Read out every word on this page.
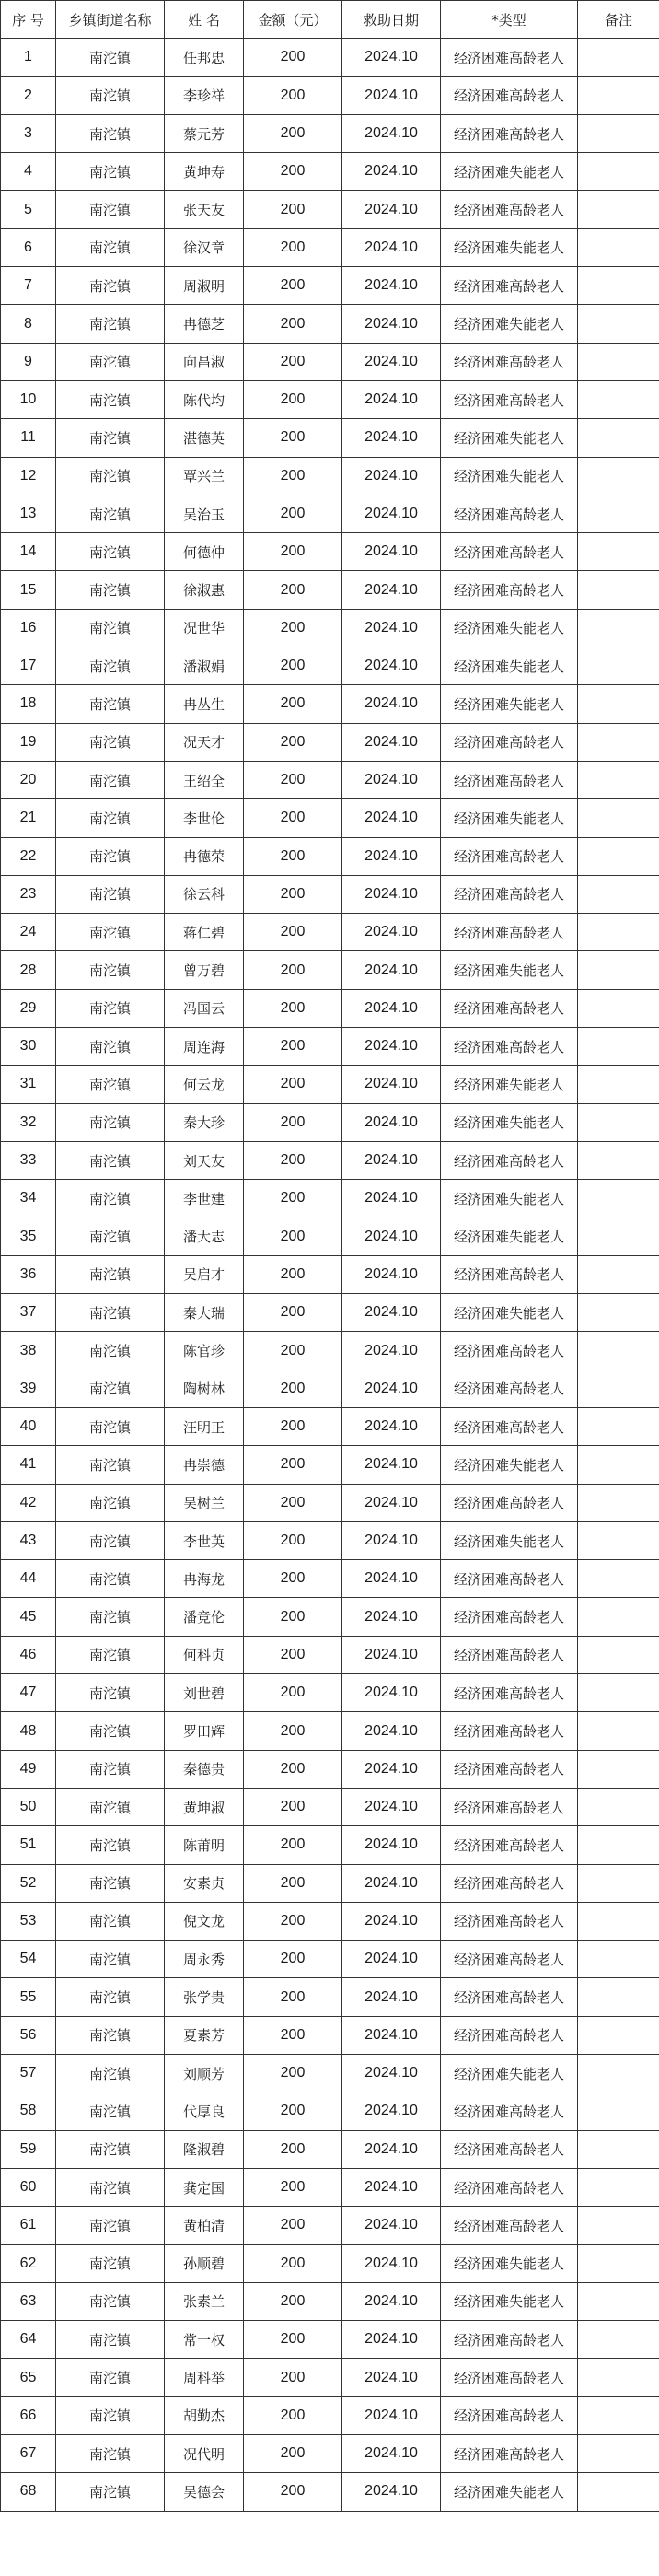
序 号	乡镇街道名称	姓 名	金额（元）	救助日期	*类型	备注
1	南沱镇	任邦忠	200	2024.10	经济困难高龄老人	
2	南沱镇	李珍祥	200	2024.10	经济困难高龄老人	
3	南沱镇	蔡元芳	200	2024.10	经济困难高龄老人	
4	南沱镇	黄坤寿	200	2024.10	经济困难失能老人	
5	南沱镇	张天友	200	2024.10	经济困难高龄老人	
6	南沱镇	徐汉章	200	2024.10	经济困难失能老人	
7	南沱镇	周淑明	200	2024.10	经济困难高龄老人	
8	南沱镇	冉德芝	200	2024.10	经济困难失能老人	
9	南沱镇	向昌淑	200	2024.10	经济困难高龄老人	
10	南沱镇	陈代均	200	2024.10	经济困难高龄老人	
11	南沱镇	湛德英	200	2024.10	经济困难失能老人	
12	南沱镇	覃兴兰	200	2024.10	经济困难失能老人	
13	南沱镇	吴治玉	200	2024.10	经济困难高龄老人	
14	南沱镇	何德仲	200	2024.10	经济困难高龄老人	
15	南沱镇	徐淑惠	200	2024.10	经济困难高龄老人	
16	南沱镇	况世华	200	2024.10	经济困难失能老人	
17	南沱镇	潘淑娟	200	2024.10	经济困难失能老人	
18	南沱镇	冉丛生	200	2024.10	经济困难失能老人	
19	南沱镇	况天才	200	2024.10	经济困难高龄老人	
20	南沱镇	王绍全	200	2024.10	经济困难高龄老人	
21	南沱镇	李世伦	200	2024.10	经济困难失能老人	
22	南沱镇	冉德荣	200	2024.10	经济困难高龄老人	
23	南沱镇	徐云科	200	2024.10	经济困难高龄老人	
24	南沱镇	蒋仁碧	200	2024.10	经济困难高龄老人	
28	南沱镇	曾万碧	200	2024.10	经济困难失能老人	
29	南沱镇	冯国云	200	2024.10	经济困难高龄老人	
30	南沱镇	周连海	200	2024.10	经济困难高龄老人	
31	南沱镇	何云龙	200	2024.10	经济困难失能老人	
32	南沱镇	秦大珍	200	2024.10	经济困难失能老人	
33	南沱镇	刘天友	200	2024.10	经济困难高龄老人	
34	南沱镇	李世建	200	2024.10	经济困难失能老人	
35	南沱镇	潘大志	200	2024.10	经济困难失能老人	
36	南沱镇	吴启才	200	2024.10	经济困难高龄老人	
37	南沱镇	秦大瑞	200	2024.10	经济困难失能老人	
38	南沱镇	陈官珍	200	2024.10	经济困难高龄老人	
39	南沱镇	陶树林	200	2024.10	经济困难高龄老人	
40	南沱镇	汪明正	200	2024.10	经济困难高龄老人	
41	南沱镇	冉崇德	200	2024.10	经济困难失能老人	
42	南沱镇	吴树兰	200	2024.10	经济困难高龄老人	
43	南沱镇	李世英	200	2024.10	经济困难失能老人	
44	南沱镇	冉海龙	200	2024.10	经济困难高龄老人	
45	南沱镇	潘竞伦	200	2024.10	经济困难高龄老人	
46	南沱镇	何科贞	200	2024.10	经济困难高龄老人	
47	南沱镇	刘世碧	200	2024.10	经济困难高龄老人	
48	南沱镇	罗田辉	200	2024.10	经济困难高龄老人	
49	南沱镇	秦德贵	200	2024.10	经济困难高龄老人	
50	南沱镇	黄坤淑	200	2024.10	经济困难高龄老人	
51	南沱镇	陈莆明	200	2024.10	经济困难高龄老人	
52	南沱镇	安素贞	200	2024.10	经济困难高龄老人	
53	南沱镇	倪文龙	200	2024.10	经济困难高龄老人	
54	南沱镇	周永秀	200	2024.10	经济困难高龄老人	
55	南沱镇	张学贵	200	2024.10	经济困难高龄老人	
56	南沱镇	夏素芳	200	2024.10	经济困难高龄老人	
57	南沱镇	刘顺芳	200	2024.10	经济困难失能老人	
58	南沱镇	代厚良	200	2024.10	经济困难高龄老人	
59	南沱镇	隆淑碧	200	2024.10	经济困难高龄老人	
60	南沱镇	龚定国	200	2024.10	经济困难高龄老人	
61	南沱镇	黄柏清	200	2024.10	经济困难高龄老人	
62	南沱镇	孙顺碧	200	2024.10	经济困难失能老人	
63	南沱镇	张素兰	200	2024.10	经济困难失能老人	
64	南沱镇	常一权	200	2024.10	经济困难高龄老人	
65	南沱镇	周科举	200	2024.10	经济困难高龄老人	
66	南沱镇	胡勤杰	200	2024.10	经济困难高龄老人	
67	南沱镇	况代明	200	2024.10	经济困难高龄老人	
68	南沱镇	吴德会	200	2024.10	经济困难失能老人	
